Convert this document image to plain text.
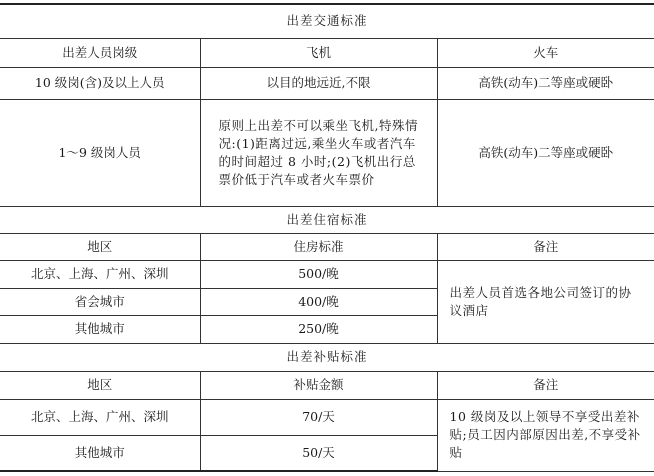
出差交通标准		
出差人员岗级	飞机	火车
10 级岗(含)及以上人员	以目的地远近,不限	高铁(动车)二等座或硬卧
1～9 级岗人员	原则上出差不可以乘坐飞机,特殊情况:(1)距离过远,乘坐火车或者汽车的时间超过 8 小时;(2)飞机出行总票价低于汽车或者火车票价	高铁(动车)二等座或硬卧
出差住宿标准		
地区	住房标准	备注
北京、上海、广州、深圳	500/晚	出差人员首选各地公司签订的协议酒店
省会城市	400/晚	
其他城市	250/晚	
出差补贴标准		
地区	补贴金额	备注
北京、上海、广州、深圳	70/天	10 级岗及以上领导不享受出差补贴;员工因内部原因出差,不享受补贴
其他城市	50/天	
